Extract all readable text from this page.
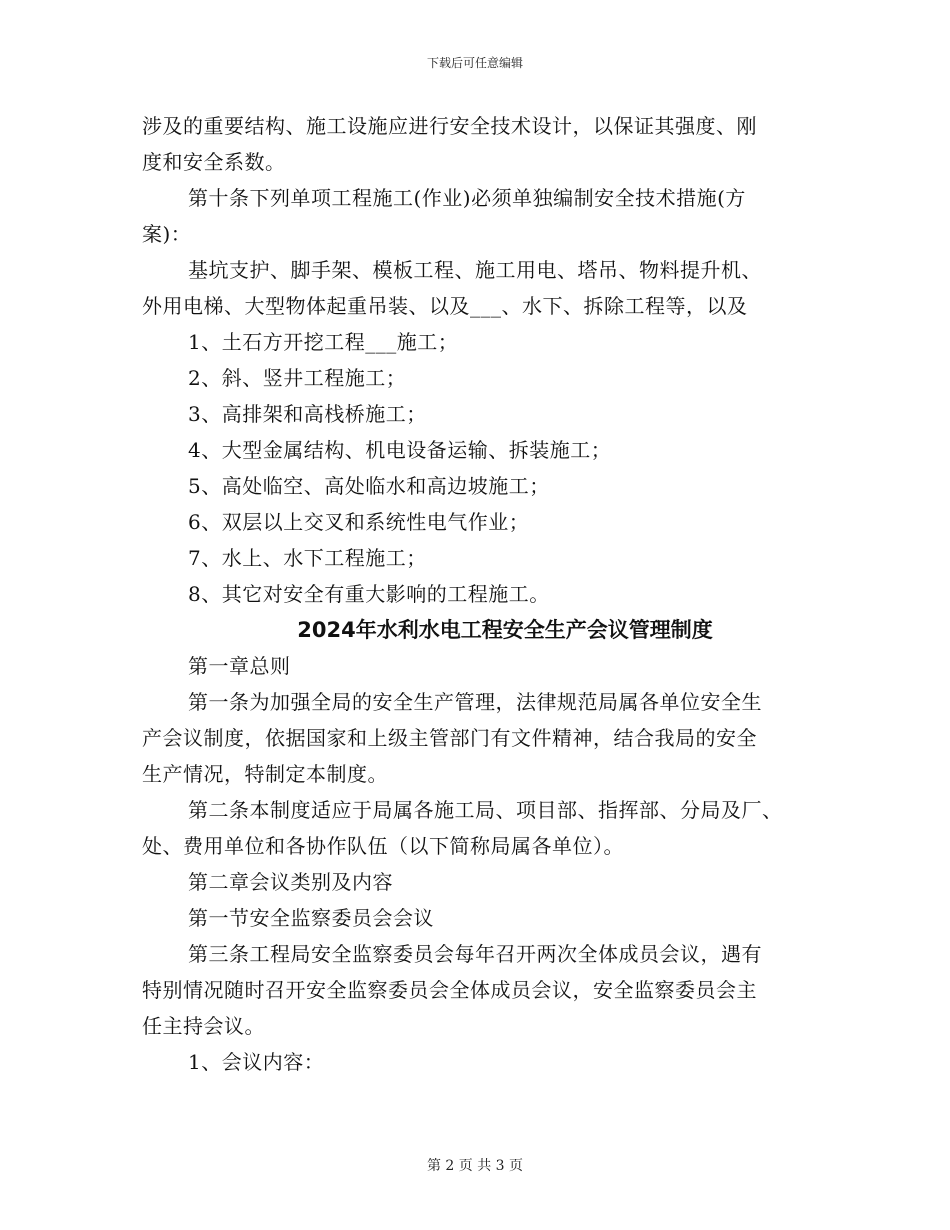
下载后可任意编辑
涉及的重要结构、施工设施应进行安全技术设计，以保证其强度、刚
度和安全系数。
第十条下列单项工程施工(作业)必须单独编制安全技术措施(方
案)：
基坑支护、脚手架、模板工程、施工用电、塔吊、物料提升机、
外用电梯、大型物体起重吊装、以及___、水下、拆除工程等，以及
1、土石方开挖工程___施工；
2、斜、竖井工程施工；
3、高排架和高栈桥施工；
4、大型金属结构、机电设备运输、拆装施工；
5、高处临空、高处临水和高边坡施工；
6、双层以上交叉和系统性电气作业；
7、水上、水下工程施工；
8、其它对安全有重大影响的工程施工。
2024年水利水电工程安全生产会议管理制度
第一章总则
第一条为加强全局的安全生产管理，法律规范局属各单位安全生
产会议制度，依据国家和上级主管部门有文件精神，结合我局的安全
生产情况，特制定本制度。
第二条本制度适应于局属各施工局、项目部、指挥部、分局及厂、
处、费用单位和各协作队伍（以下简称局属各单位）。
第二章会议类别及内容
第一节安全监察委员会会议
第三条工程局安全监察委员会每年召开两次全体成员会议，遇有
特别情况随时召开安全监察委员会全体成员会议，安全监察委员会主
任主持会议。
1、会议内容：
第 2 页 共 3 页
